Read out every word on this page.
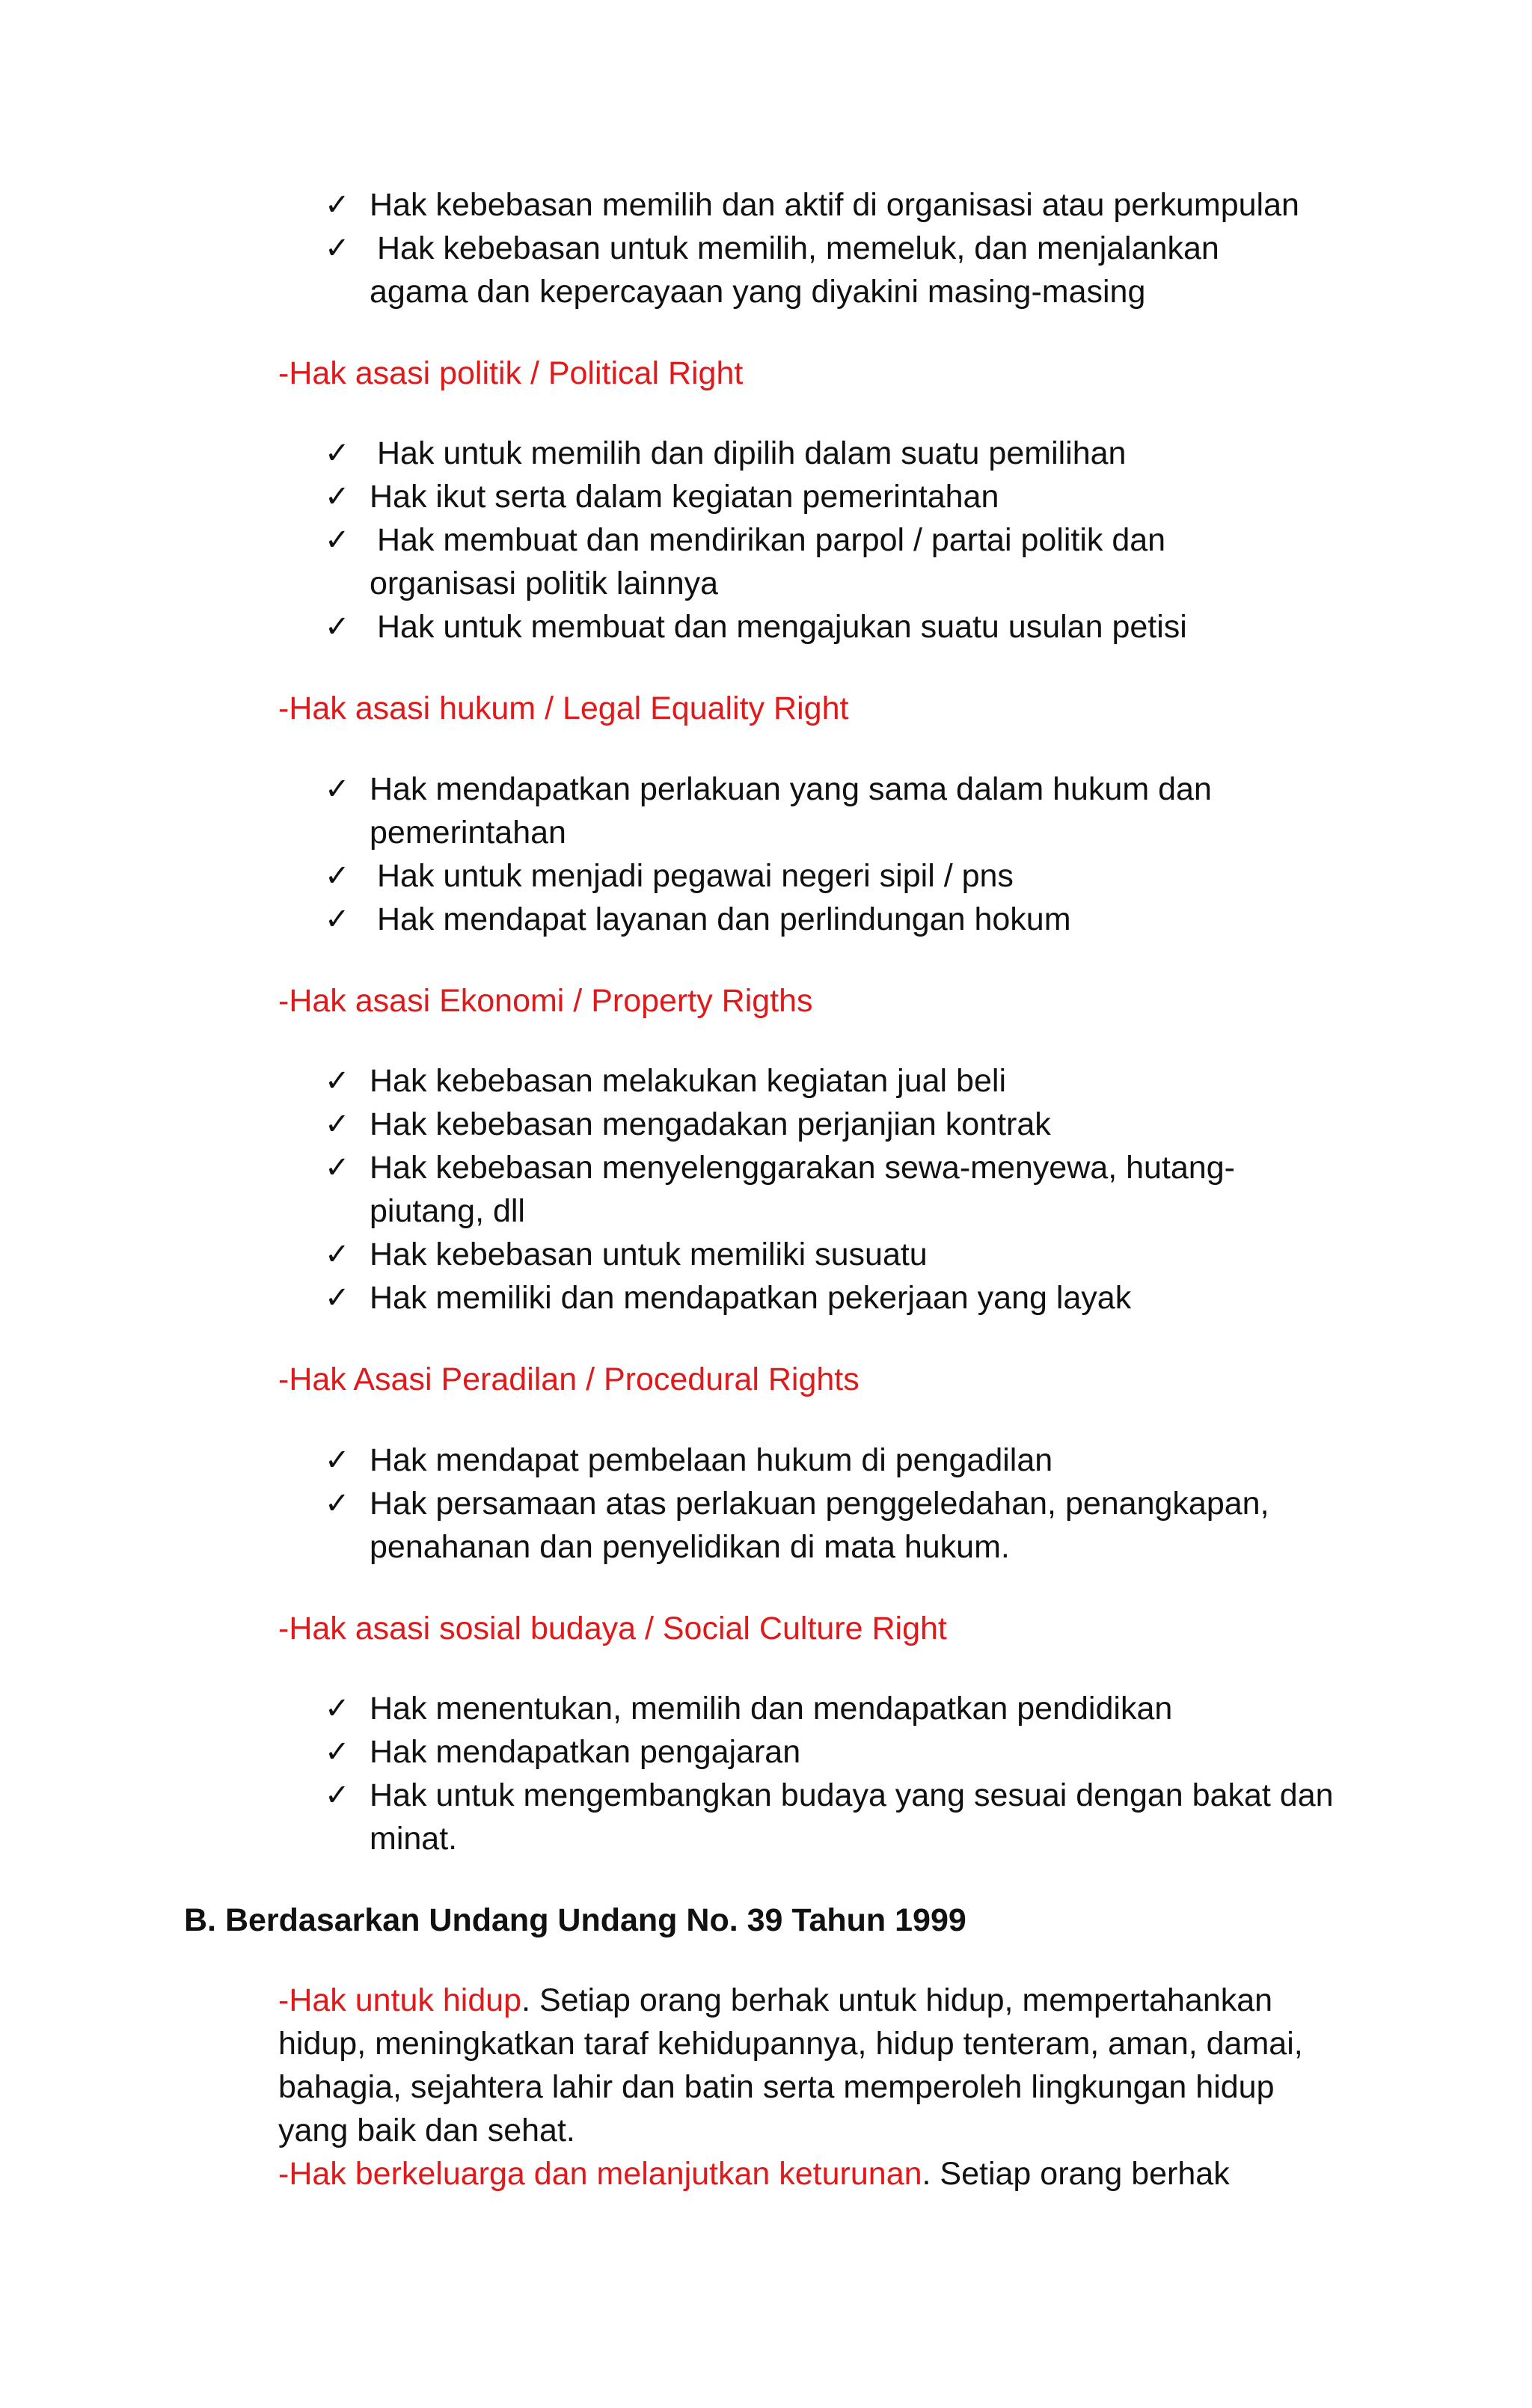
✓ Hak kebebasan memilih dan aktif di organisasi atau perkumpulan
✓ Hak kebebasan untuk memilih, memeluk, dan menjalankan
agama dan kepercayaan yang diyakini masing-masing
-Hak asasi politik / Political Right
✓ Hak untuk memilih dan dipilih dalam suatu pemilihan
✓ Hak ikut serta dalam kegiatan pemerintahan
✓ Hak membuat dan mendirikan parpol / partai politik dan
organisasi politik lainnya
✓ Hak untuk membuat dan mengajukan suatu usulan petisi
-Hak asasi hukum / Legal Equality Right
✓ Hak mendapatkan perlakuan yang sama dalam hukum dan
pemerintahan
✓ Hak untuk menjadi pegawai negeri sipil / pns
✓ Hak mendapat layanan dan perlindungan hokum
-Hak asasi Ekonomi / Property Rigths
✓ Hak kebebasan melakukan kegiatan jual beli
✓ Hak kebebasan mengadakan perjanjian kontrak
✓ Hak kebebasan menyelenggarakan sewa-menyewa, hutang-
piutang, dll
✓ Hak kebebasan untuk memiliki susuatu
✓ Hak memiliki dan mendapatkan pekerjaan yang layak
-Hak Asasi Peradilan / Procedural Rights
✓ Hak mendapat pembelaan hukum di pengadilan
✓ Hak persamaan atas perlakuan penggeledahan, penangkapan,
penahanan dan penyelidikan di mata hukum.
-Hak asasi sosial budaya / Social Culture Right
✓ Hak menentukan, memilih dan mendapatkan pendidikan
✓ Hak mendapatkan pengajaran
✓ Hak untuk mengembangkan budaya yang sesuai dengan bakat dan
minat.
B. Berdasarkan Undang Undang No. 39 Tahun 1999
-Hak untuk hidup. Setiap orang berhak untuk hidup, mempertahankan
hidup, meningkatkan taraf kehidupannya, hidup tenteram, aman, damai,
bahagia, sejahtera lahir dan batin serta memperoleh lingkungan hidup
yang baik dan sehat.
-Hak berkeluarga dan melanjutkan keturunan. Setiap orang berhak
